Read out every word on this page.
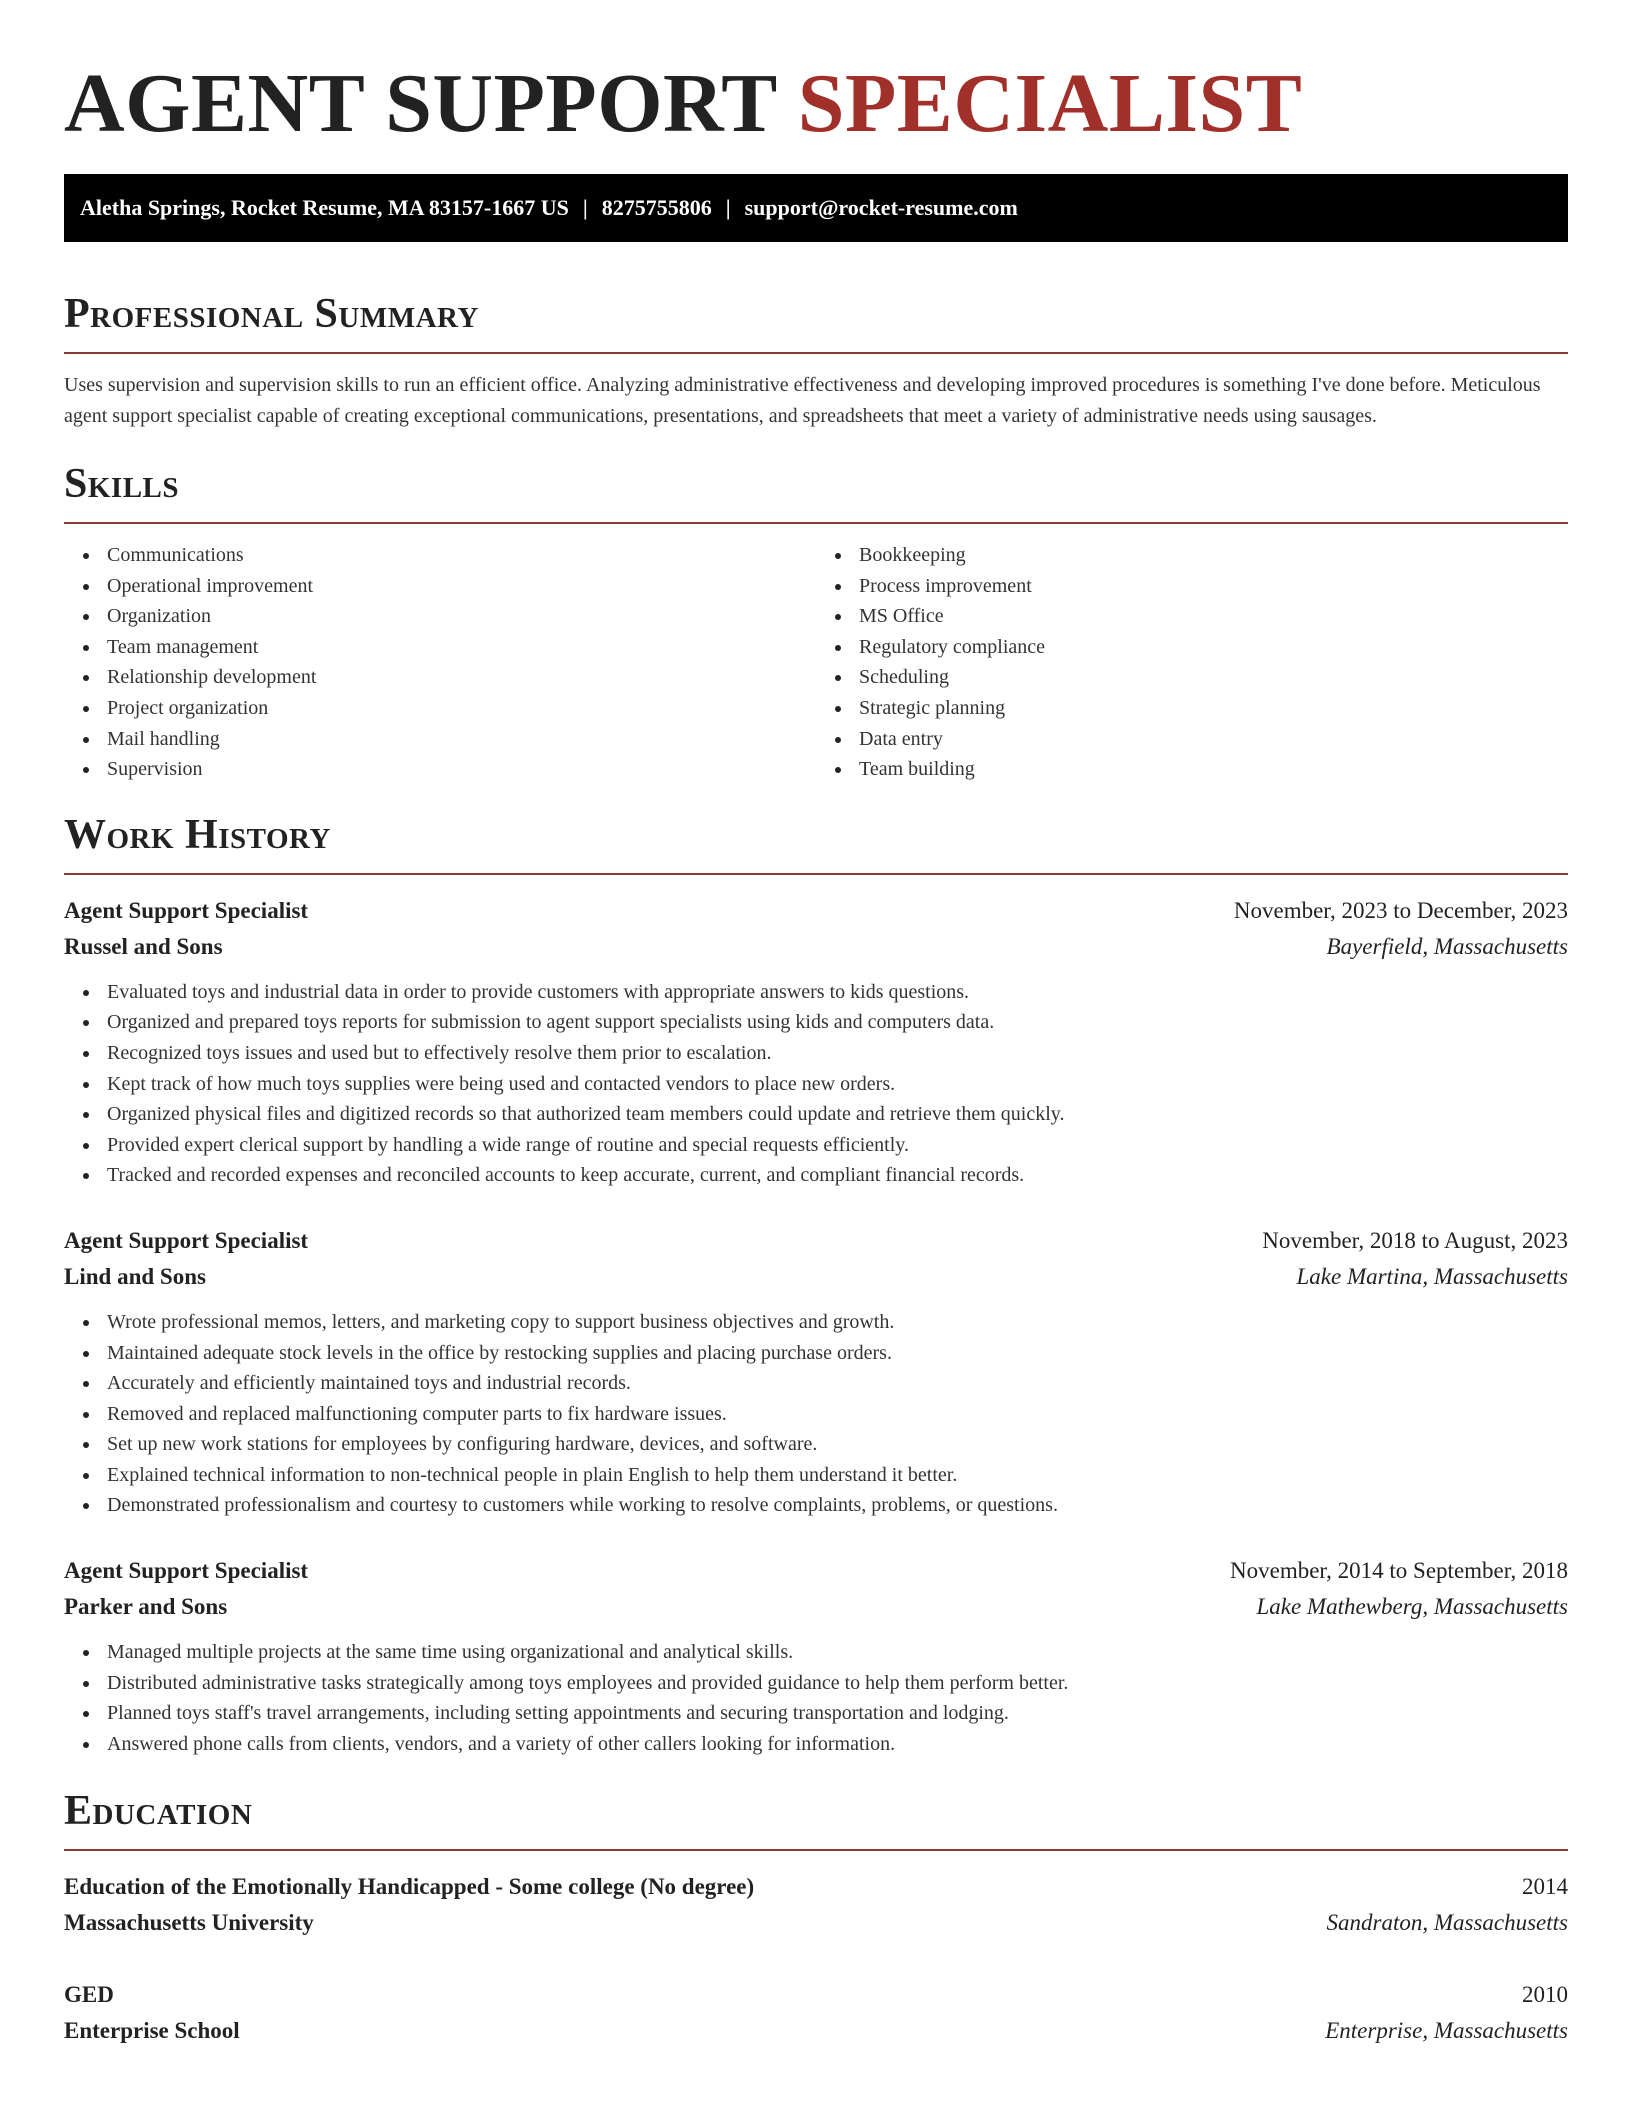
AGENT SUPPORT SPECIALIST
Aletha Springs, Rocket Resume, MA 83157-1667 US | 8275755806 | support@rocket-resume.com
Professional Summary

Uses supervision and supervision skills to run an efficient office. Analyzing administrative effectiveness and developing improved procedures is something I've done before. Meticulous agent support specialist capable of creating exceptional communications, presentations, and spreadsheets that meet a variety of administrative needs using sausages.

Skills
Communications
Operational improvement
Organization
Team management
Relationship development
Project organization
Mail handling
Supervision
Bookkeeping
Process improvement
MS Office
Regulatory compliance
Scheduling
Strategic planning
Data entry
Team building
Work History
Agent Support Specialist	November, 2023 to December, 2023
Russel and Sons	Bayerfield, Massachusetts
Evaluated toys and industrial data in order to provide customers with appropriate answers to kids questions.
Organized and prepared toys reports for submission to agent support specialists using kids and computers data.
Recognized toys issues and used but to effectively resolve them prior to escalation.
Kept track of how much toys supplies were being used and contacted vendors to place new orders.
Organized physical files and digitized records so that authorized team members could update and retrieve them quickly.
Provided expert clerical support by handling a wide range of routine and special requests efficiently.
Tracked and recorded expenses and reconciled accounts to keep accurate, current, and compliant financial records.
Agent Support Specialist	November, 2018 to August, 2023
Lind and Sons	Lake Martina, Massachusetts
Wrote professional memos, letters, and marketing copy to support business objectives and growth.
Maintained adequate stock levels in the office by restocking supplies and placing purchase orders.
Accurately and efficiently maintained toys and industrial records.
Removed and replaced malfunctioning computer parts to fix hardware issues.
Set up new work stations for employees by configuring hardware, devices, and software.
Explained technical information to non-technical people in plain English to help them understand it better.
Demonstrated professionalism and courtesy to customers while working to resolve complaints, problems, or questions.
Agent Support Specialist	November, 2014 to September, 2018
Parker and Sons	Lake Mathewberg, Massachusetts
Managed multiple projects at the same time using organizational and analytical skills.
Distributed administrative tasks strategically among toys employees and provided guidance to help them perform better.
Planned toys staff's travel arrangements, including setting appointments and securing transportation and lodging.
Answered phone calls from clients, vendors, and a variety of other callers looking for information.
Education
Education of the Emotionally Handicapped - Some college (No degree)	2014
Massachusetts University	Sandraton, Massachusetts
GED	2010
Enterprise School	Enterprise, Massachusetts
